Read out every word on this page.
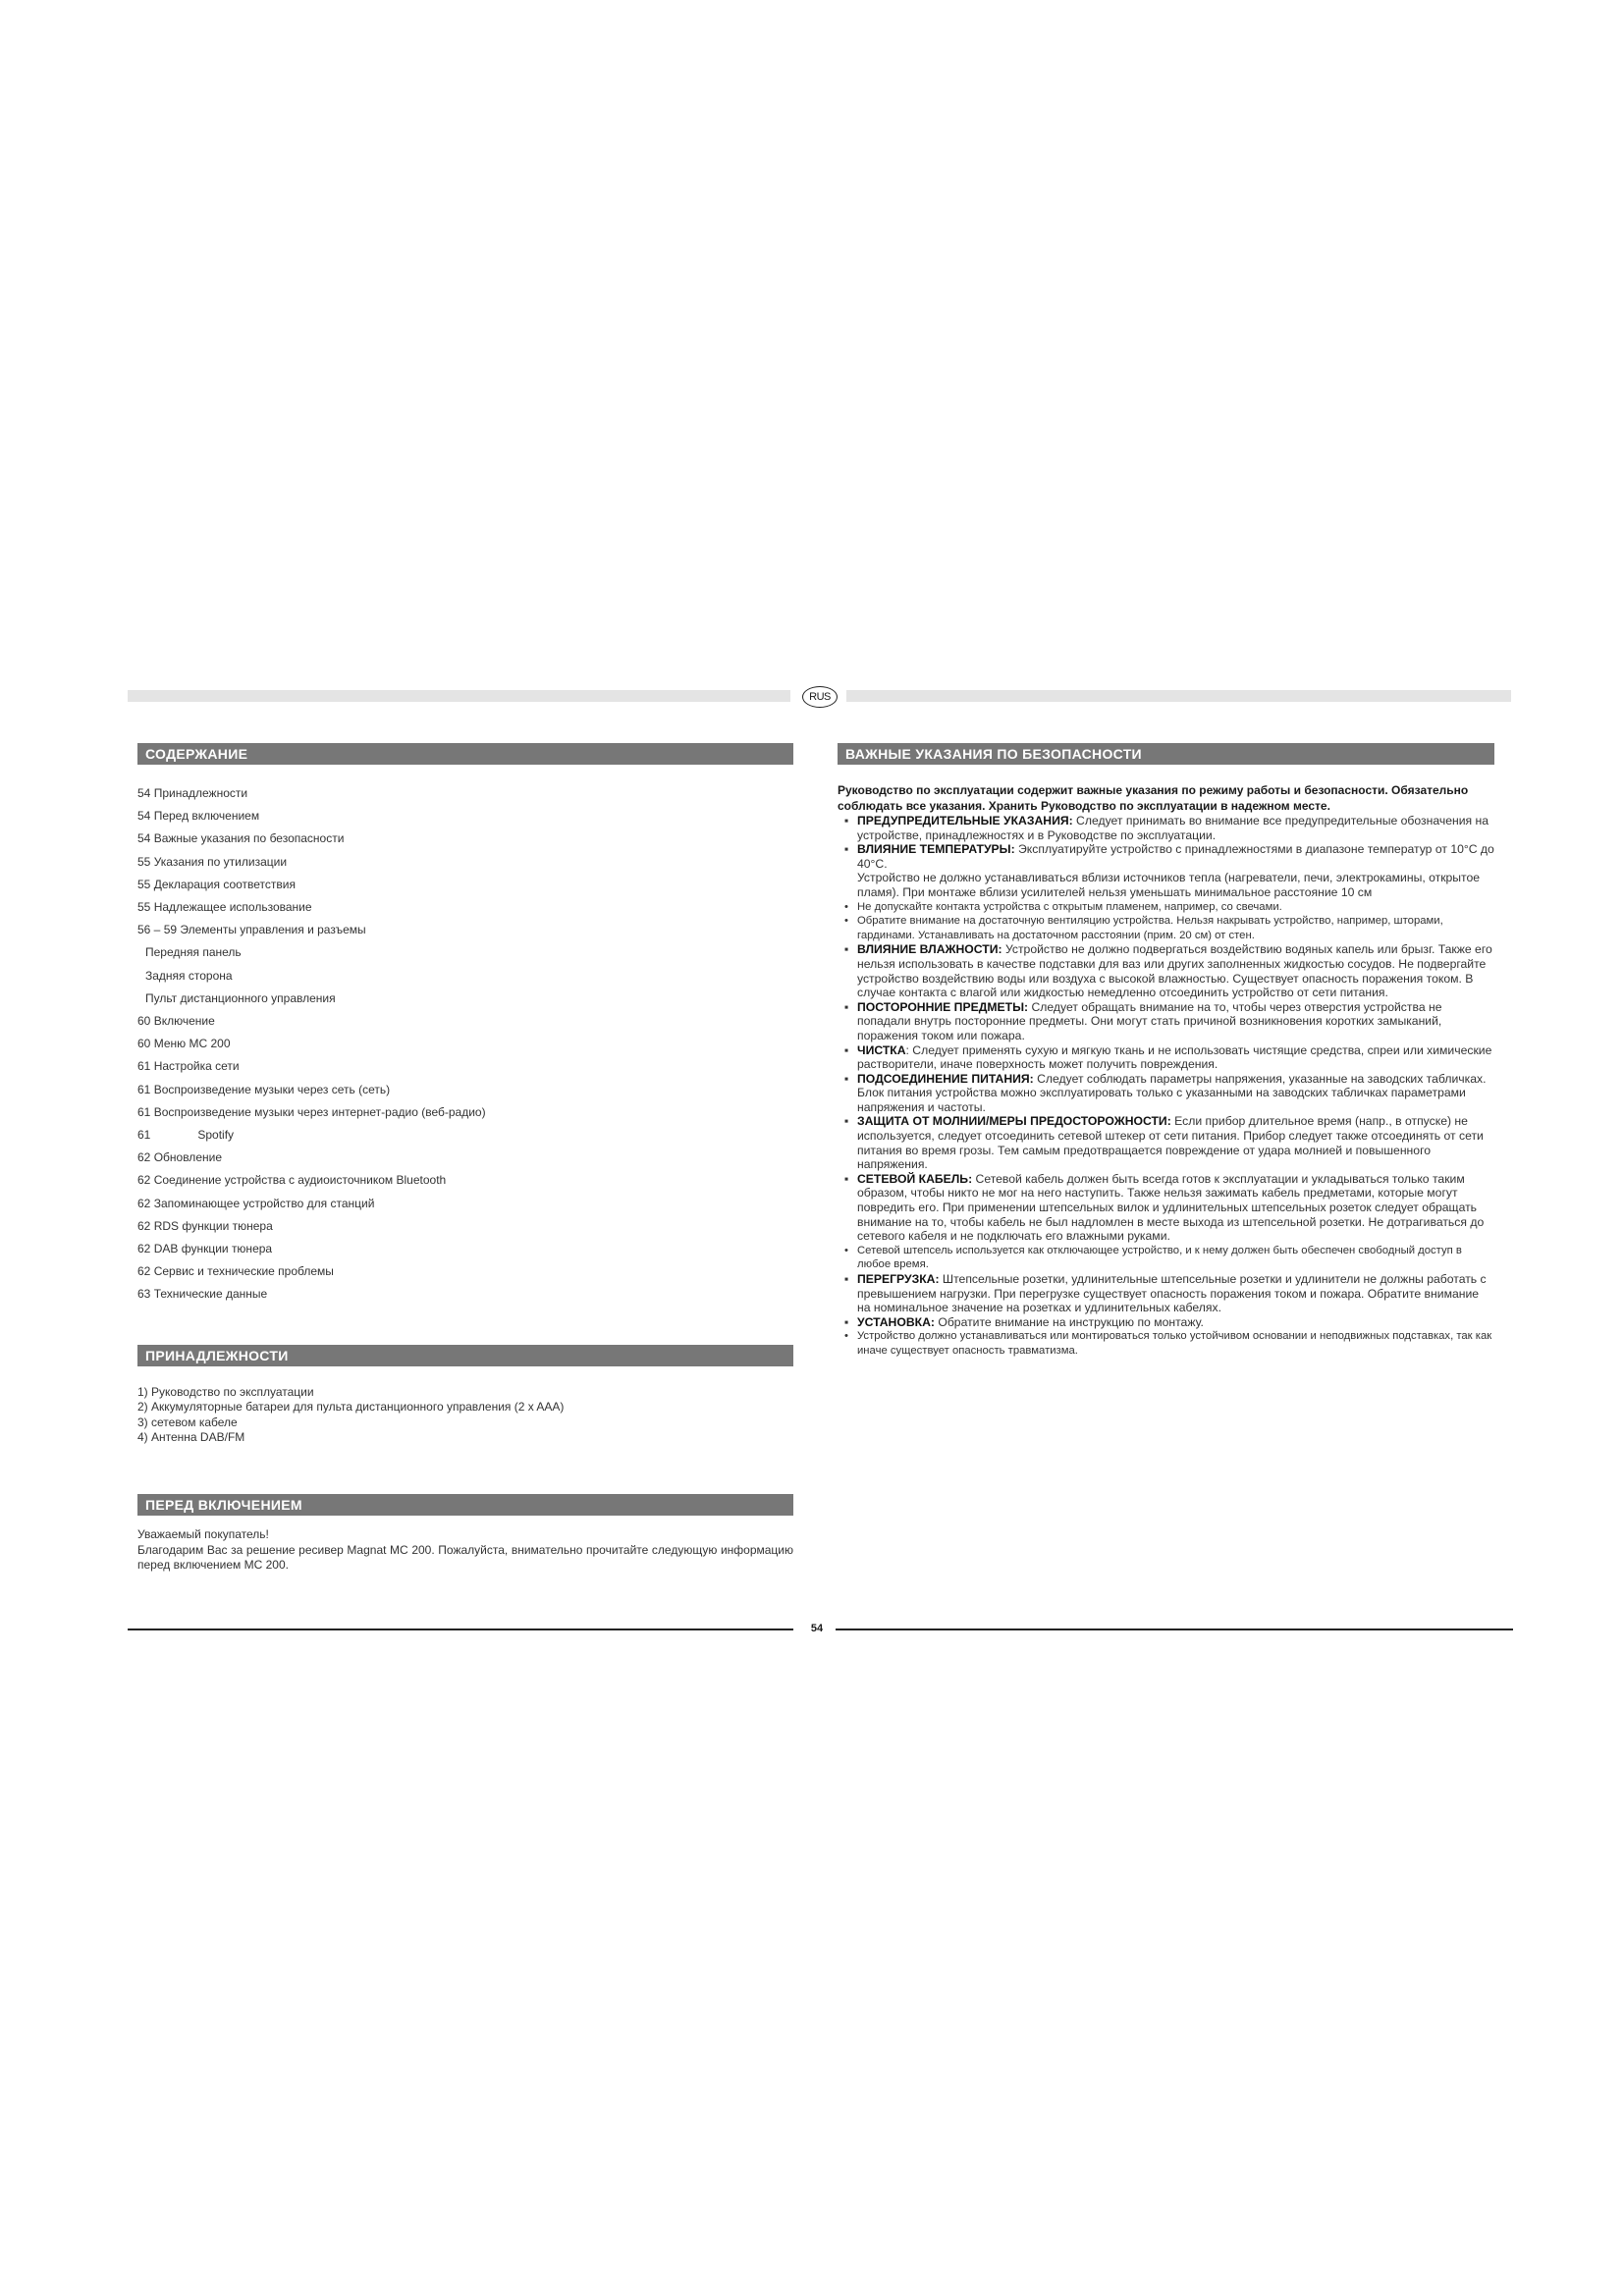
RUS
СОДЕРЖАНИЕ
54 Принадлежности
54 Перед включением
54 Важные указания по безопасности
55 Указания по утилизации
55 Декларация соответствия
55 Надлежащее использование
56 – 59 Элементы управления и разъемы
Передняя панель
Задняя сторона
Пульт дистанционного управления
60 Включение
60 Меню MC 200
61 Настройка сети
61 Воспроизведение музыки через сеть (сеть)
61 Воспроизведение музыки через интернет-радио (веб-радио)
61	Spotify
62 Обновление
62 Соединение устройства с аудиоисточником Bluetooth
62 Запоминающее устройство для станций
62 RDS функции тюнера
62 DAB функции тюнера
62 Сервис и технические проблемы
63 Технические данные
ПРИНАДЛЕЖНОСТИ
1) Руководство по эксплуатации
2) Аккумуляторные батареи для пульта дистанционного управления (2 x AAA)
3) сетевом кабеле
4) Антенна DAB/FM
ПЕРЕД ВКЛЮЧЕНИЕМ

Уважаемый покупатель!

Благодарим Вас за решение ресивер Magnat MC 200. Пожалуйста, внимательно прочитайте следующую информацию перед включением MC 200.

ВАЖНЫЕ УКАЗАНИЯ ПО БЕЗОПАСНОСТИ

Руководство по эксплуатации содержит важные указания по режиму работы и безопасности. Обязательно соблюдать все указания. Хранить Руководство по эксплуатации в надежном месте.

▪ ПРЕДУПРЕДИТЕЛЬНЫЕ УКАЗАНИЯ: Следует принимать во внимание все предупредительные обозначения на устройстве, принадлежностях и в Руководстве по эксплуатации.
▪ ВЛИЯНИЕ ТЕМПЕРАТУРЫ: Эксплуатируйте устройство с принадлежностями в диапазоне температур от 10°C до 40°C.
Устройство не должно устанавливаться вблизи источников тепла (нагреватели, печи, электрокамины, открытое пламя). При монтаже вблизи усилителей нельзя уменьшать минимальное расстояние 10 см
• Не допускайте контакта устройства с открытым пламенем, например, со свечами.
• Обратите внимание на достаточную вентиляцию устройства. Нельзя накрывать устройство, например, шторами, гардинами. Устанавливать на достаточном расстоянии (прим. 20 см) от стен.
▪ ВЛИЯНИЕ ВЛАЖНОСТИ: Устройство не должно подвергаться воздействию водяных капель или брызг. Также его нельзя использовать в качестве подставки для ваз или других заполненных жидкостью сосудов. Не подвергайте устройство воздействию воды или воздуха с высокой влажностью. Существует опасность поражения током. В случае контакта с влагой или жидкостью немедленно отсоединить устройство от сети питания.
▪ ПОСТОРОННИЕ ПРЕДМЕТЫ: Следует обращать внимание на то, чтобы через отверстия устройства не попадали внутрь посторонние предметы. Они могут стать причиной возникновения коротких замыканий, поражения током или пожара.
▪ ЧИСТКА: Следует применять сухую и мягкую ткань и не использовать чистящие средства, спреи или химические растворители, иначе поверхность может получить повреждения.
▪ ПОДСОЕДИНЕНИЕ ПИТАНИЯ: Следует соблюдать параметры напряжения, указанные на заводских табличках. Блок питания устройства можно эксплуатировать только с указанными на заводских табличках параметрами напряжения и частоты.
▪ ЗАЩИТА ОТ МОЛНИИ/МЕРЫ ПРЕДОСТОРОЖНОСТИ: Если прибор длительное время (напр., в отпуске) не используется, следует отсоединить сетевой штекер от сети питания. Прибор следует также отсоединять от сети питания во время грозы. Тем самым предотвращается повреждение от удара молнией и повышенного напряжения.
▪ СЕТЕВОЙ КАБЕЛЬ: Сетевой кабель должен быть всегда готов к эксплуатации и укладываться только таким образом, чтобы никто не мог на него наступить. Также нельзя зажимать кабель предметами, которые могут повредить его. При применении штепсельных вилок и удлинительных штепсельных розеток следует обращать внимание на то, чтобы кабель не был надломлен в месте выхода из штепсельной розетки. Не дотрагиваться до сетевого кабеля и не подключать его влажными руками.
• Сетевой штепсель используется как отключающее устройство, и к нему должен быть обеспечен свободный доступ в любое время.
▪ ПЕРЕГРУЗКА: Штепсельные розетки, удлинительные штепсельные розетки и удлинители не должны работать с превышением нагрузки. При перегрузке существует опасность поражения током и пожара. Обратите внимание на номинальное значение на розетках и удлинительных кабелях.
▪ УСТАНОВКА: Обратите внимание на инструкцию по монтажу.
• Устройство должно устанавливаться или монтироваться только устойчивом основании и неподвижных подставках, так как иначе существует опасность травматизма.
54
